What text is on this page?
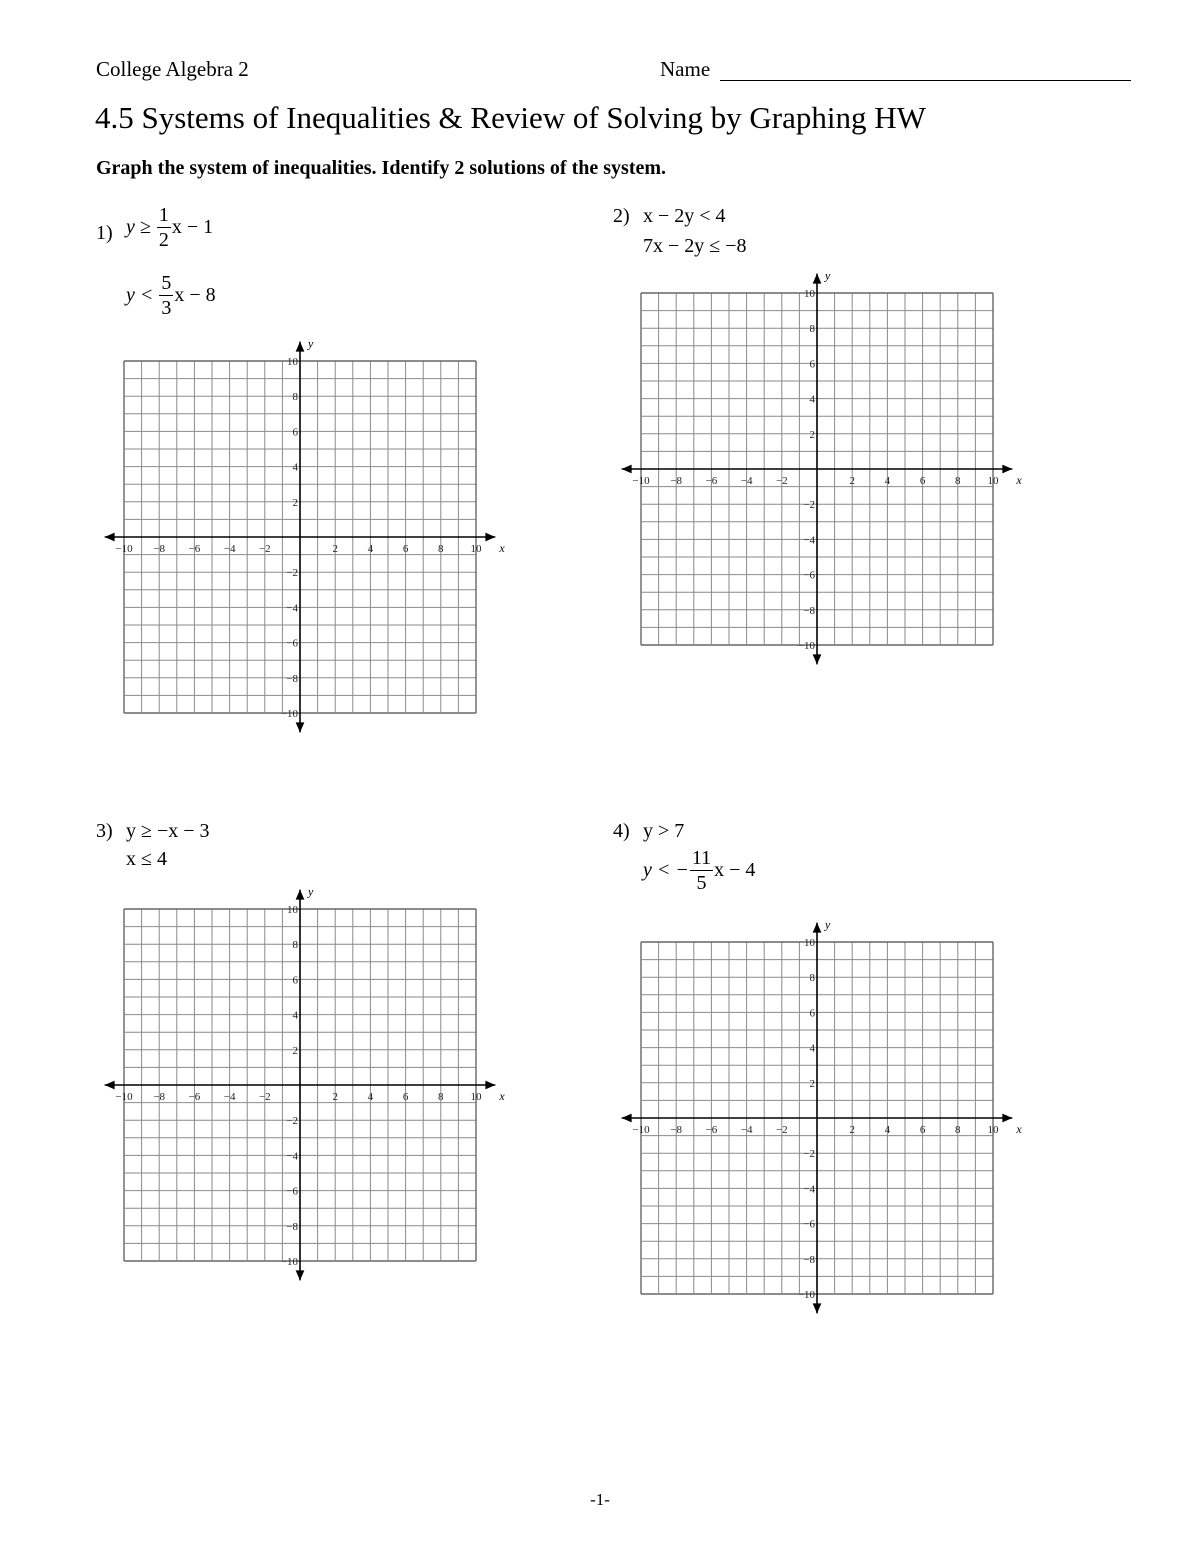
College Algebra 2	Name
4.5 Systems of Inequalities & Review of Solving by Graphing HW
Graph the system of inequalities. Identify 2 solutions of the system.
1) $y \ge \frac{1}{2}$ x − 1
$y < \frac{5}{3}$ x − 8
2) x − 2y < 4
7x − 2y ≤ −8
3) y ≥ −x − 3
x ≤ 4
4) y > 7
y < − $\frac{11}{5}$ x − 4
−10 −8 −6 −4 −2	2	4	6	8 10
10
8
6
4
2
−2
−4
−6
−8
−10
x
y
−10 −8 −6 −4 −2	2	4	6	8 10
10
8
6
4
2
−2
−4
−6
−8
−10
x
y
−10 −8 −6 −4 −2	2	4	6	8 10
10
8
6
4
2
−2
−4
−6
−8
−10
x
y
−10 −8 −6 −4 −2	2	4	6	8 10
10
8
6
4
2
−2
−4
−6
−8
−10
x
y
-1-
